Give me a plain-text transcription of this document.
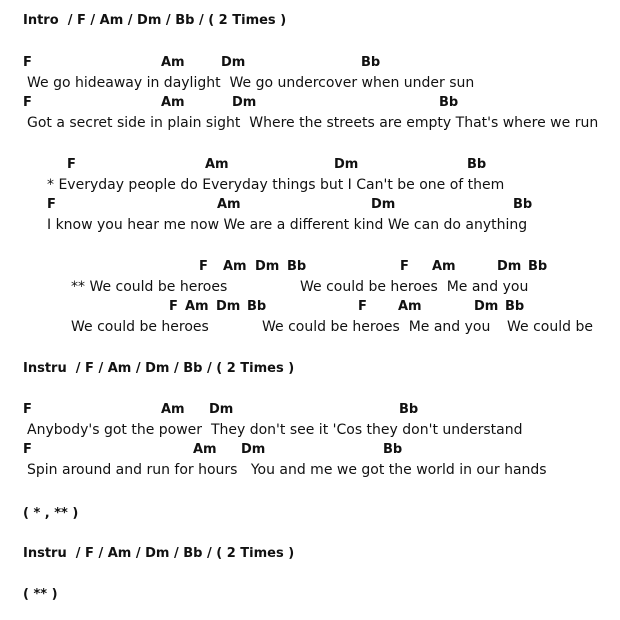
Intro  / F / Am / Dm / Bb / ( 2 Times )
F	Am	Dm	Bb
We go hideaway in daylight  We go undercover when under sun
F	Am	Dm	Bb
Got a secret side in plain sight  Where the streets are empty That's where we run
F	Am	Dm	Bb
* Everyday people do Everyday things but I Can't be one of them
F	Am	Dm	Bb
I know you hear me now We are a different kind We can do anything
F Am Dm Bb	F Am	Dm Bb
** We could be heroes	We could be heroes  Me and you
F Am Dm Bb	F Am	Dm Bb
We could be heroes	We could be heroes  Me and you We could be
Instru  / F / Am / Dm / Bb / ( 2 Times )
F	Am Dm	Bb
Anybody's got the power  They don't see it 'Cos they don't understand
F	Am Dm	Bb
Spin around and run for hours   You and me we got the world in our hands
( * , ** )
Instru  / F / Am / Dm / Bb / ( 2 Times )
( ** )
